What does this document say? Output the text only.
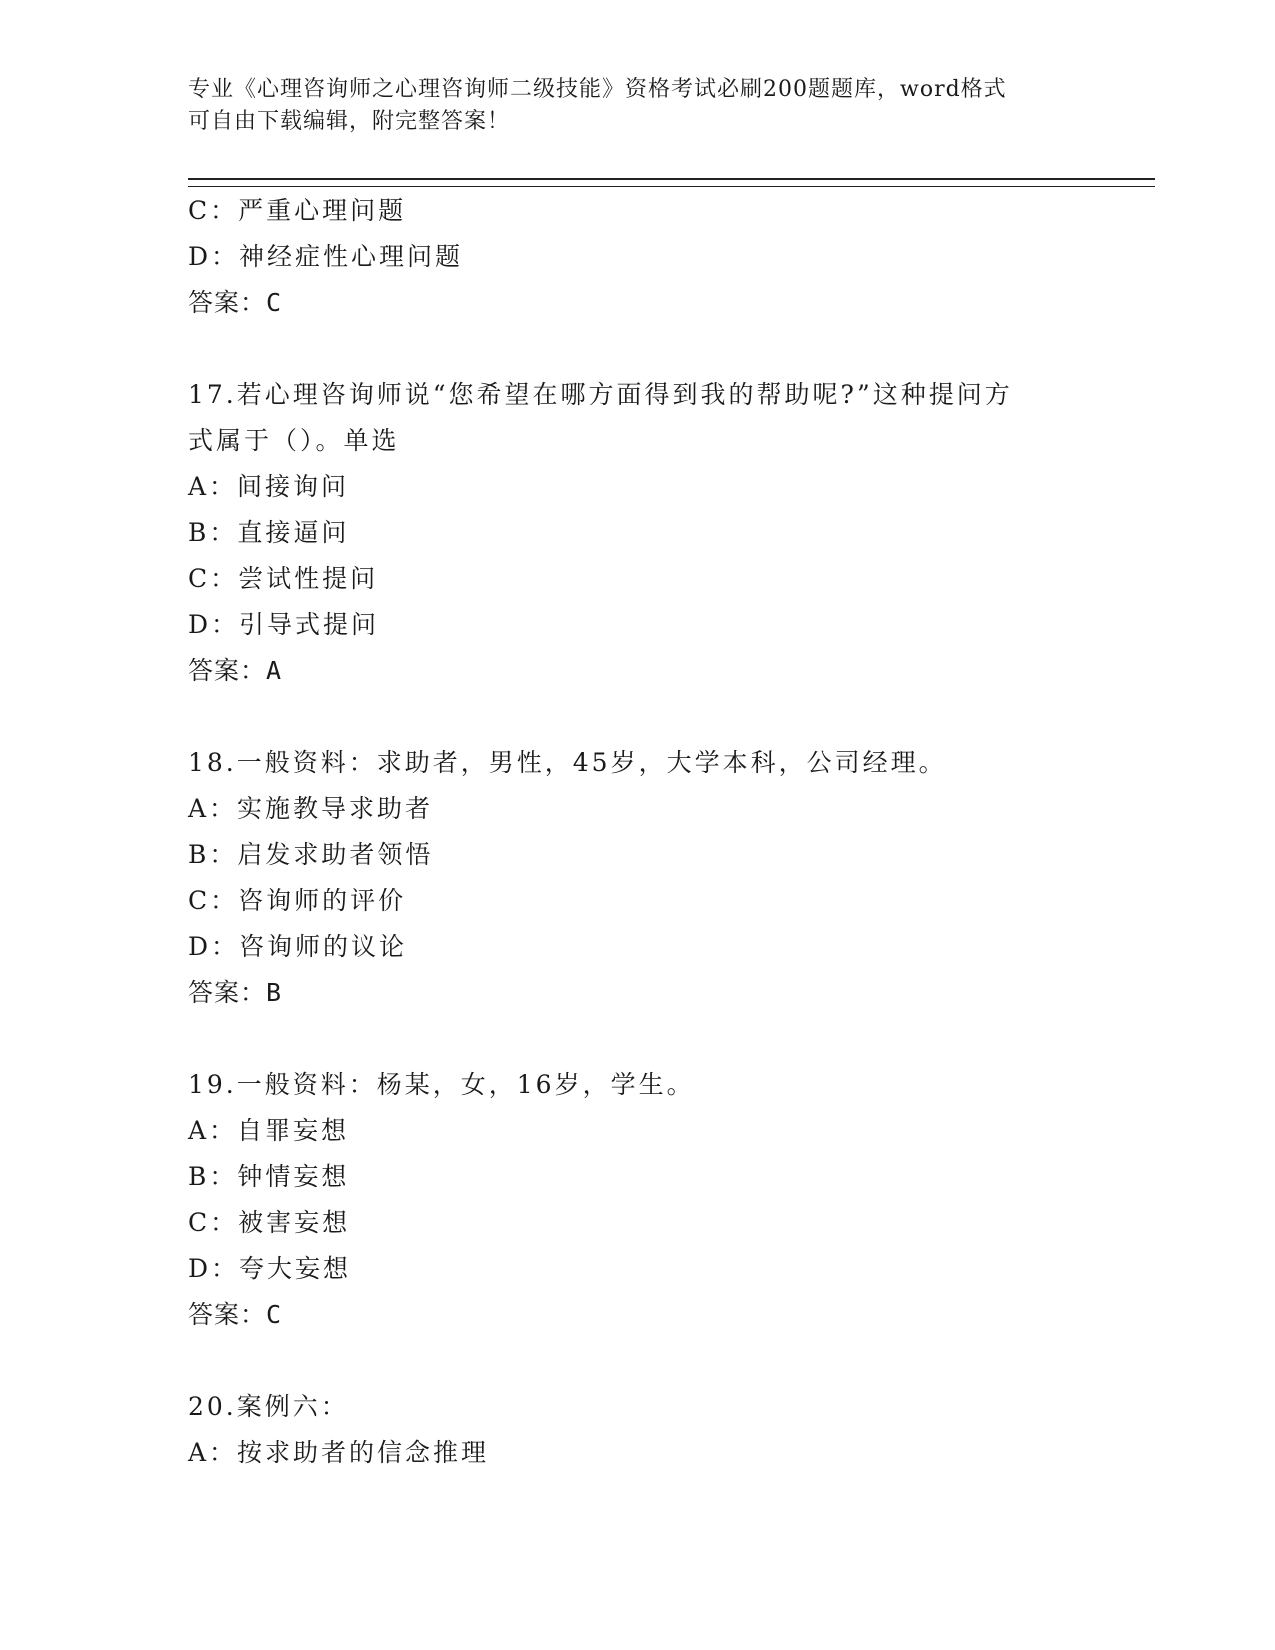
专业《心理咨询师之心理咨询师二级技能》资格考试必刷200题题库，word格式
可自由下载编辑，附完整答案！
C：严重心理问题
D：神经症性心理问题
答案：C
17.若心理咨询师说“您希望在哪方面得到我的帮助呢?”这种提问方
式属于（）。单选
A：间接询问
B：直接逼问
C：尝试性提问
D：引导式提问
答案：A
18.一般资料：求助者，男性，45岁，大学本科，公司经理。
A：实施教导求助者
B：启发求助者领悟
C：咨询师的评价
D：咨询师的议论
答案：B
19.一般资料：杨某，女，16岁，学生。
A：自罪妄想
B：钟情妄想
C：被害妄想
D：夸大妄想
答案：C
20.案例六：
A：按求助者的信念推理
